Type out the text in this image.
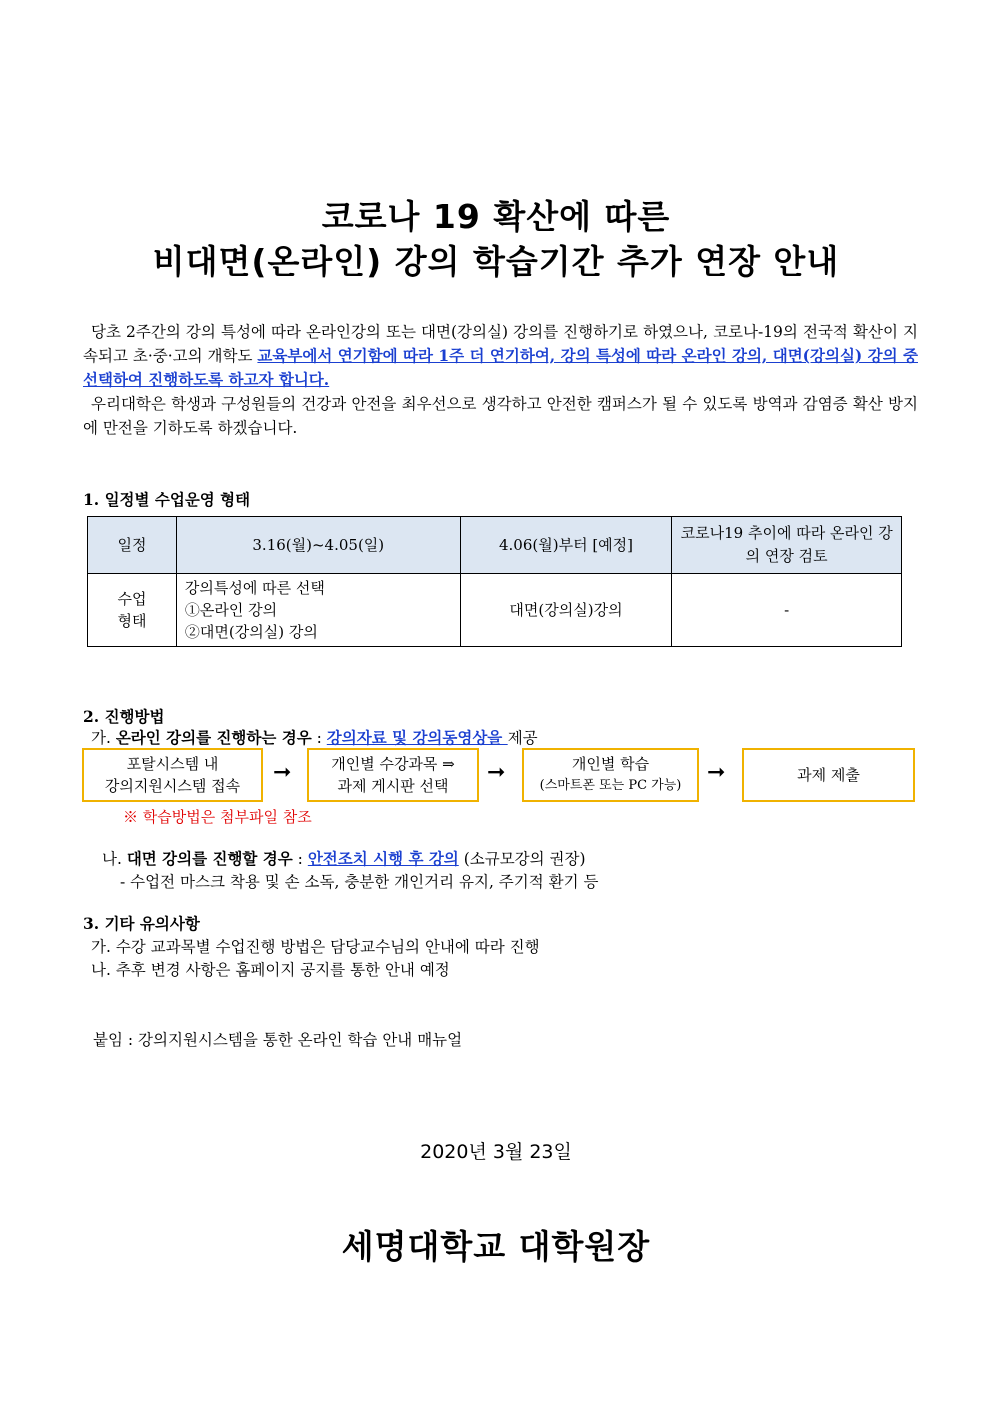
코로나 19 확산에 따른
비대면(온라인) 강의 학습기간 추가 연장 안내

당초 2주간의 강의 특성에 따라 온라인강의 또는 대면(강의실) 강의를 진행하기로 하였으나, 코로나-19의 전국적 확산이 지속되고 초·중·고의 개학도 교육부에서 연기함에 따라 1주 더 연기하여, 강의 특성에 따라 온라인 강의, 대면(강의실) 강의 중 선택하여 진행하도록 하고자 합니다.

우리대학은 학생과 구성원들의 건강과 안전을 최우선으로 생각하고 안전한 캠퍼스가 될 수 있도록 방역과 감염증 확산 방지에 만전을 기하도록 하겠습니다.

1. 일정별 수업운영 형태
일정	3.16(월)~4.05(일)	4.06(월)부터 [예정]	코로나19 추이에 따라 온라인 강의 연장 검토
수업 형태	강의특성에 따른 선택
①온라인 강의
②대면(강의실) 강의	대면(강의실)강의	-
2. 진행방법
가. 온라인 강의를 진행하는 경우 : 강의자료 및 강의동영상을 제공
포탈시스템 내
강의지원시스템 접속
➞	개인별 수강과목 ⇒
과제 게시판 선택
➞	개인별 학습
(스마트폰 또는 PC 가능)
➞	과제 제출
※ 학습방법은 첨부파일 참조
나. 대면 강의를 진행할 경우 : 안전조치 시행 후 강의 (소규모강의 권장)
- 수업전 마스크 착용 및 손 소독, 충분한 개인거리 유지, 주기적 환기 등
3. 기타 유의사항
가. 수강 교과목별 수업진행 방법은 담당교수님의 안내에 따라 진행
나. 추후 변경 사항은 홈페이지 공지를 통한 안내 예정
붙임 : 강의지원시스템을 통한 온라인 학습 안내 매뉴얼
2020년 3월 23일
세명대학교 대학원장
